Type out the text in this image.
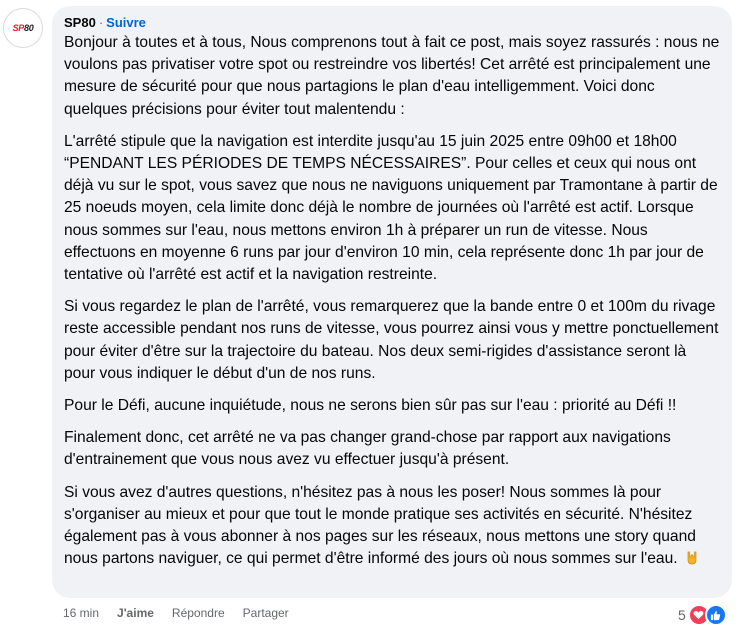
SP80 SP80 · Suivre

Bonjour à toutes et à tous, Nous comprenons tout à fait ce post, mais soyez rassurés : nous ne voulons pas privatiser votre spot ou restreindre vos libertés! Cet arrêté est principalement une mesure de sécurité pour que nous partagions le plan d'eau intelligemment. Voici donc quelques précisions pour éviter tout malentendu :

L'arrêté stipule que la navigation est interdite jusqu'au 15 juin 2025 entre 09h00 et 18h00 “PENDANT LES PÉRIODES DE TEMPS NÉCESSAIRES”. Pour celles et ceux qui nous ont déjà vu sur le spot, vous savez que nous ne naviguons uniquement par Tramontane à partir de 25 noeuds moyen, cela limite donc déjà le nombre de journées où l'arrêté est actif. Lorsque nous sommes sur l'eau, nous mettons environ 1h à préparer un run de vitesse. Nous effectuons en moyenne 6 runs par jour d'environ 10 min, cela représente donc 1h par jour de tentative où l'arrêté est actif et la navigation restreinte.

Si vous regardez le plan de l'arrêté, vous remarquerez que la bande entre 0 et 100m du rivage reste accessible pendant nos runs de vitesse, vous pourrez ainsi vous y mettre ponctuellement pour éviter d'être sur la trajectoire du bateau. Nos deux semi-rigides d'assistance seront là pour vous indiquer le début d'un de nos runs.

Pour le Défi, aucune inquiétude, nous ne serons bien sûr pas sur l'eau : priorité au Défi !!

Finalement donc, cet arrêté ne va pas changer grand-chose par rapport aux navigations d'entrainement que vous nous avez vu effectuer jusqu'à présent.

Si vous avez d'autres questions, n'hésitez pas à nous les poser! Nous sommes là pour s'organiser au mieux et pour que tout le monde pratique ses activités en sécurité. N'hésitez également pas à vous abonner à nos pages sur les réseaux, nous mettons une story quand nous partons naviguer, ce qui permet d'être informé des jours où nous sommes sur l'eau.

16 min J'aime Répondre Partager	5
